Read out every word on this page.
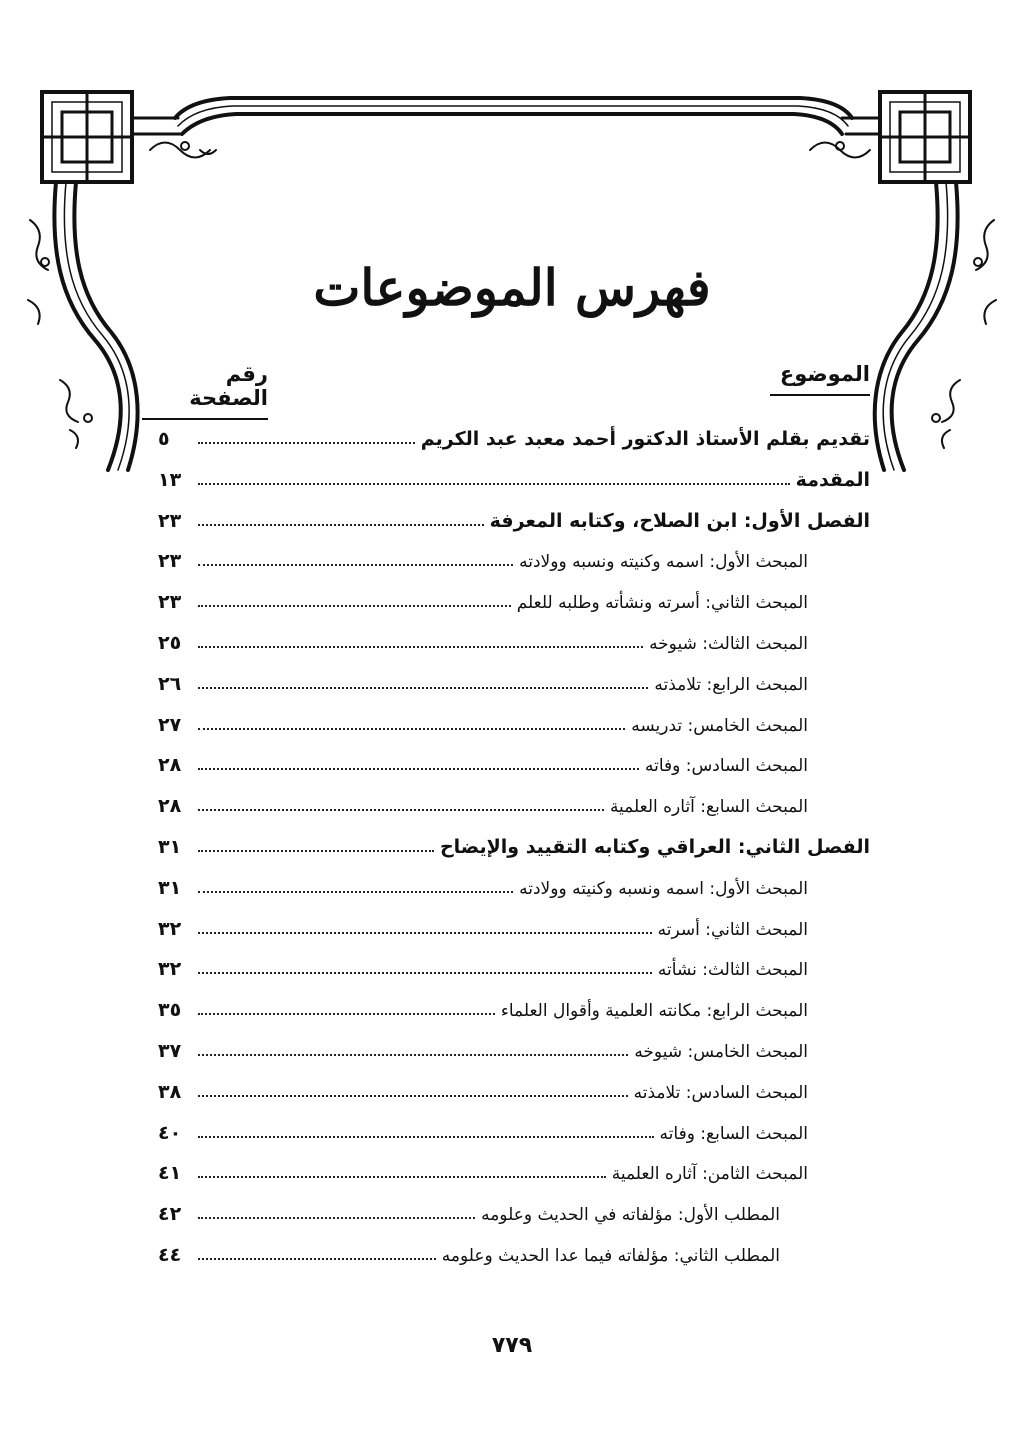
فهرس الموضوعات
الموضوع
رقم الصفحة
تقديم بقلم الأستاذ الدكتور أحمد معبد عبد الكريم
٥
المقدمة
١٣
الفصل الأول: ابن الصلاح، وكتابه المعرفة
٢٣
المبحث الأول: اسمه وكنيته ونسبه وولادته
٢٣
المبحث الثاني: أسرته ونشأته وطلبه للعلم
٢٣
المبحث الثالث: شيوخه
٢٥
المبحث الرابع: تلامذته
٢٦
المبحث الخامس: تدريسه
٢٧
المبحث السادس: وفاته
٢٨
المبحث السابع: آثاره العلمية
٢٨
الفصل الثاني: العراقي وكتابه التقييد والإيضاح
٣١
المبحث الأول: اسمه ونسبه وكنيته وولادته
٣١
المبحث الثاني: أسرته
٣٢
المبحث الثالث: نشأته
٣٢
المبحث الرابع: مكانته العلمية وأقوال العلماء
٣٥
المبحث الخامس: شيوخه
٣٧
المبحث السادس: تلامذته
٣٨
المبحث السابع: وفاته
٤٠
المبحث الثامن: آثاره العلمية
٤١
المطلب الأول: مؤلفاته في الحديث وعلومه
٤٢
المطلب الثاني: مؤلفاته فيما عدا الحديث وعلومه
٤٤
٧٧٩
